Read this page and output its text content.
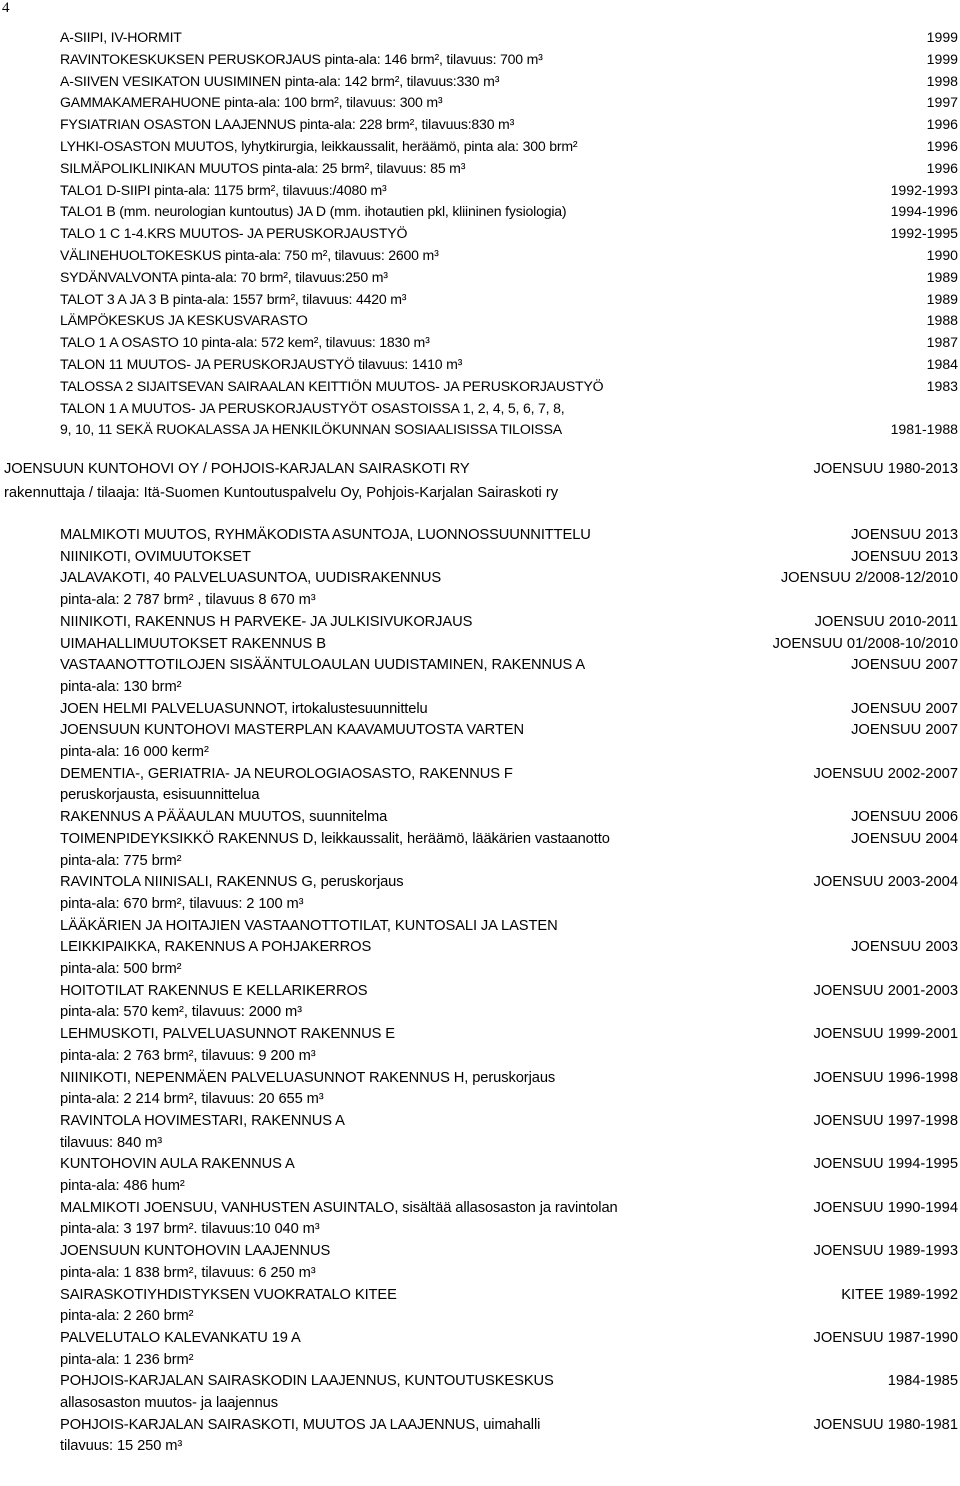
4
A-SIIPI, IV-HORMIT	1999
RAVINTOKESKUKSEN PERUSKORJAUS pinta-ala: 146 brm², tilavuus: 700 m³	1999
A-SIIVEN VESIKATON UUSIMINEN pinta-ala: 142 brm², tilavuus:330 m³	1998
GAMMAKAMERAHUONE pinta-ala: 100 brm², tilavuus: 300 m³	1997
FYSIATRIAN OSASTON LAAJENNUS pinta-ala: 228 brm², tilavuus:830 m³	1996
LYHKI-OSASTON MUUTOS, lyhytkirurgia, leikkaussalit, heräämö, pinta ala: 300 brm²	1996
SILMÄPOLIKLINIKAN MUUTOS pinta-ala: 25 brm², tilavuus: 85 m³	1996
TALO1 D-SIIPI pinta-ala: 1175 brm², tilavuus:/4080 m³	1992-1993
TALO1 B (mm. neurologian kuntoutus) JA D (mm. ihotautien pkl, kliininen fysiologia)	1994-1996
TALO 1 C 1-4.KRS MUUTOS- JA PERUSKORJAUSTYÖ	1992-1995
VÄLINEHUOLTOKESKUS pinta-ala: 750 m², tilavuus: 2600 m³	1990
SYDÄNVALVONTA pinta-ala: 70 brm², tilavuus:250 m³	1989
TALOT 3 A JA 3 B pinta-ala: 1557 brm², tilavuus: 4420 m³	1989
LÄMPÖKESKUS JA KESKUSVARASTO	1988
TALO 1 A OSASTO 10 pinta-ala: 572 kem², tilavuus: 1830 m³	1987
TALON 11 MUUTOS- JA PERUSKORJAUSTYÖ tilavuus: 1410 m³	1984
TALOSSA 2 SIJAITSEVAN SAIRAALAN KEITTIÖN MUUTOS- JA PERUSKORJAUSTYÖ	1983
TALON 1 A MUUTOS- JA PERUSKORJAUSTYÖT OSASTOISSA 1, 2, 4, 5, 6, 7, 8,
9, 10, 11 SEKÄ RUOKALASSA JA HENKILÖKUNNAN SOSIAALISISSA TILOISSA	1981-1988
JOENSUUN KUNTOHOVI OY / POHJOIS-KARJALAN SAIRASKOTI RY	JOENSUU 1980-2013
rakennuttaja / tilaaja: Itä-Suomen Kuntoutuspalvelu Oy, Pohjois-Karjalan Sairaskoti ry
MALMIKOTI MUUTOS, RYHMÄKODISTA ASUNTOJA, LUONNOSSUUNNITTELU	JOENSUU 2013
NIINIKOTI, OVIMUUTOKSET	JOENSUU 2013
JALAVAKOTI, 40 PALVELUASUNTOA, UUDISRAKENNUS	JOENSUU 2/2008-12/2010
pinta-ala: 2 787 brm² , tilavuus 8 670 m³
NIINIKOTI, RAKENNUS H PARVEKE- JA JULKISIVUKORJAUS	JOENSUU 2010-2011
UIMAHALLIMUUTOKSET RAKENNUS B	JOENSUU 01/2008-10/2010
VASTAANOTTOTILOJEN SISÄÄNTULOAULAN UUDISTAMINEN, RAKENNUS A	JOENSUU 2007
pinta-ala: 130 brm²
JOEN HELMI PALVELUASUNNOT, irtokalustesuunnittelu	JOENSUU 2007
JOENSUUN KUNTOHOVI MASTERPLAN KAAVAMUUTOSTA VARTEN	JOENSUU 2007
pinta-ala: 16 000 kerm²
DEMENTIA-, GERIATRIA- JA NEUROLOGIAOSASTO, RAKENNUS F	JOENSUU 2002-2007
peruskorjausta, esisuunnittelua
RAKENNUS A PÄÄAULAN MUUTOS, suunnitelma	JOENSUU 2006
TOIMENPIDEYKSIKKÖ RAKENNUS D, leikkaussalit, heräämö, lääkärien vastaanotto	JOENSUU 2004
pinta-ala: 775 brm²
RAVINTOLA NIINISALI, RAKENNUS G, peruskorjaus	JOENSUU 2003-2004
pinta-ala: 670 brm², tilavuus: 2 100 m³
LÄÄKÄRIEN JA HOITAJIEN VASTAANOTTOTILAT, KUNTOSALI JA LASTEN
LEIKKIPAIKKA, RAKENNUS A POHJAKERROS	JOENSUU 2003
pinta-ala: 500 brm²
HOITOTILAT RAKENNUS E KELLARIKERROS	JOENSUU 2001-2003
pinta-ala: 570 kem², tilavuus: 2000 m³
LEHMUSKOTI, PALVELUASUNNOT RAKENNUS E	JOENSUU 1999-2001
pinta-ala: 2 763 brm², tilavuus: 9 200 m³
NIINIKOTI, NEPENMÄEN PALVELUASUNNOT RAKENNUS H, peruskorjaus	JOENSUU 1996-1998
pinta-ala: 2 214 brm², tilavuus: 20 655 m³
RAVINTOLA HOVIMESTARI, RAKENNUS A	JOENSUU 1997-1998
tilavuus: 840 m³
KUNTOHOVIN AULA RAKENNUS A	JOENSUU 1994-1995
pinta-ala: 486 hum²
MALMIKOTI JOENSUU, VANHUSTEN ASUINTALO, sisältää allasosaston ja ravintolan	JOENSUU 1990-1994
pinta-ala: 3 197 brm². tilavuus:10 040 m³
JOENSUUN KUNTOHOVIN LAAJENNUS	JOENSUU 1989-1993
pinta-ala: 1 838 brm², tilavuus: 6 250 m³
SAIRASKOTIYHDISTYKSEN VUOKRATALO KITEE	KITEE 1989-1992
pinta-ala: 2 260 brm²
PALVELUTALO KALEVANKATU 19 A	JOENSUU 1987-1990
pinta-ala: 1 236 brm²
POHJOIS-KARJALAN SAIRASKODIN LAAJENNUS, KUNTOUTUSKESKUS	1984-1985
allasosaston muutos- ja laajennus
POHJOIS-KARJALAN SAIRASKOTI, MUUTOS JA LAAJENNUS, uimahalli	JOENSUU 1980-1981
tilavuus: 15 250 m³
